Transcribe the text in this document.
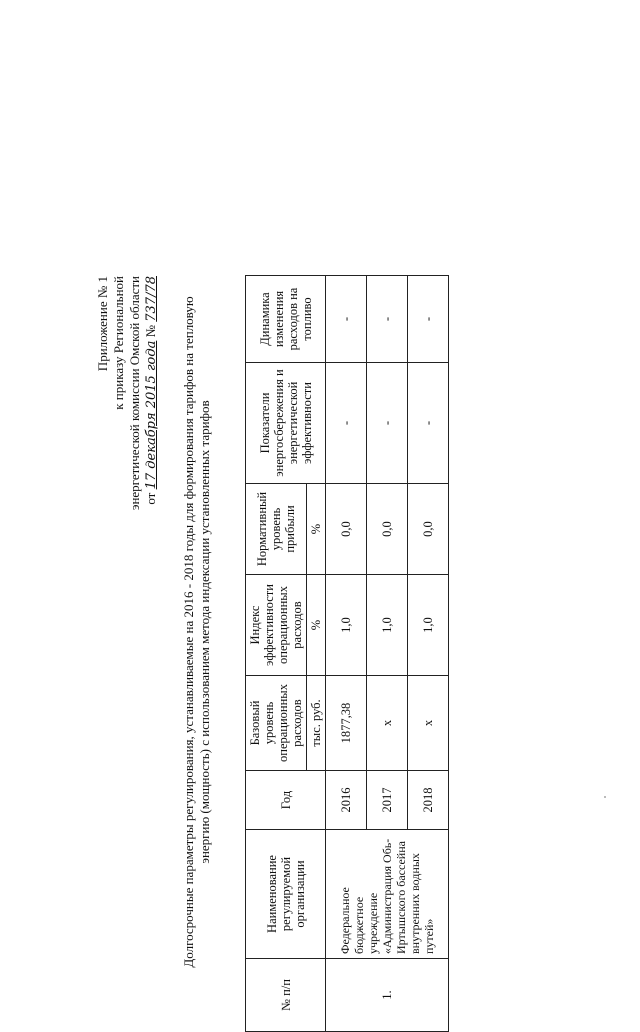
Приложение № 1 к приказу Региональной энергетической комиссии Омской области от 17 декабря 2015 года № 737/78 Долгосрочные параметры регулирования, устанавливаемые на 2016 - 2018 годы для формирования тарифов на тепловую энергию (мощность) с использованием метода индексации установленных тарифов
№ п/п	Наименование регулируемой организации	Год	Базовый уровень операционных расходов	Индекс эффективности операционных расходов	Нормативный уровень прибыли	Показатели энергосбережения и энергетической эффективности	Динамика изменения расходов на топливо
			тыс. руб.	%	%		
1.	Федеральное бюджетное учреждение «Администрация Обь-Иртышского бассейна внутренних водных путей»	2016	1877,38	1,0	0,0	-	-
		2017	х	1,0	0,0	-	-
		2018	х	1,0	0,0	-	-
